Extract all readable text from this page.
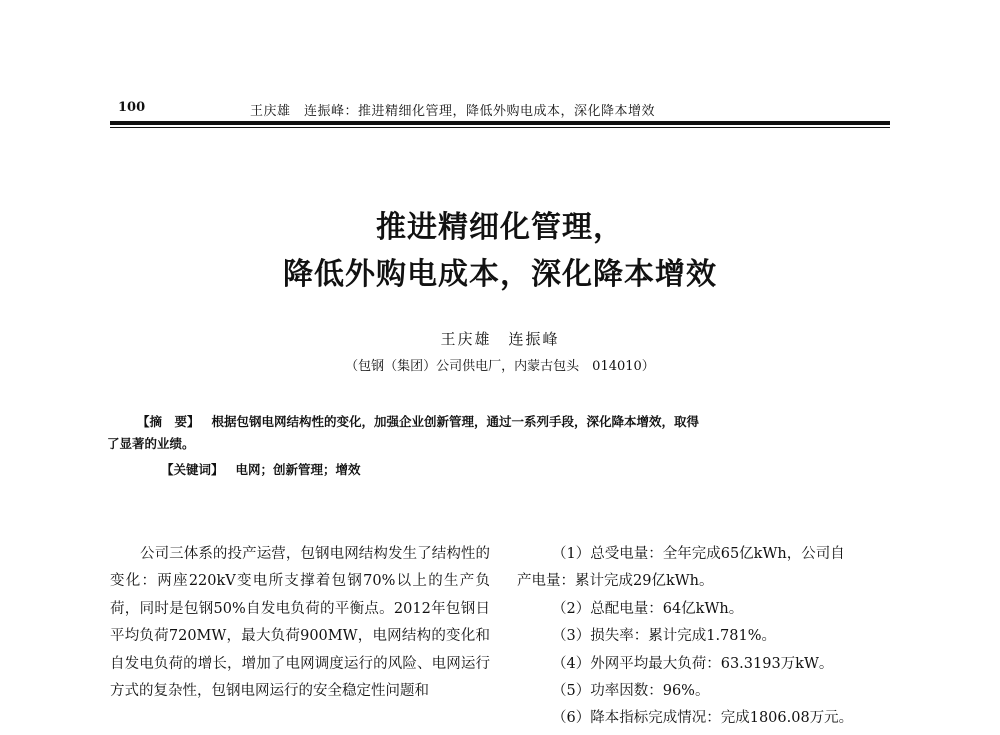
100	王庆雄　连振峰：推进精细化管理，降低外购电成本，深化降本增效
推进精细化管理，
降低外购电成本，深化降本增效
王庆雄　连振峰
（包钢（集团）公司供电厂，内蒙古包头　014010）
【摘　要】 根据包钢电网结构性的变化，加强企业创新管理，通过一系列手段，深化降本增效，取得
了显著的业绩。
【关键词】 电网；创新管理；增效

公司三体系的投产运营，包钢电网结构发生了结构性的变化：两座220kV变电所支撑着包钢70%以上的生产负荷，同时是包钢50%自发电负荷的平衡点。2012年包钢日平均负荷720MW，最大负荷900MW，电网结构的变化和自发电负荷的增长，增加了电网调度运行的风险、电网运行方式的复杂性，包钢电网运行的安全稳定性问题和

（1）总受电量：全年完成65亿kWh，公司自
产电量：累计完成29亿kWh。
（2）总配电量：64亿kWh。
（3）损失率：累计完成1.781%。
（4）外网平均最大负荷：63.3193万kW。
（5）功率因数：96%。
（6）降本指标完成情况：完成1806.08万元。
